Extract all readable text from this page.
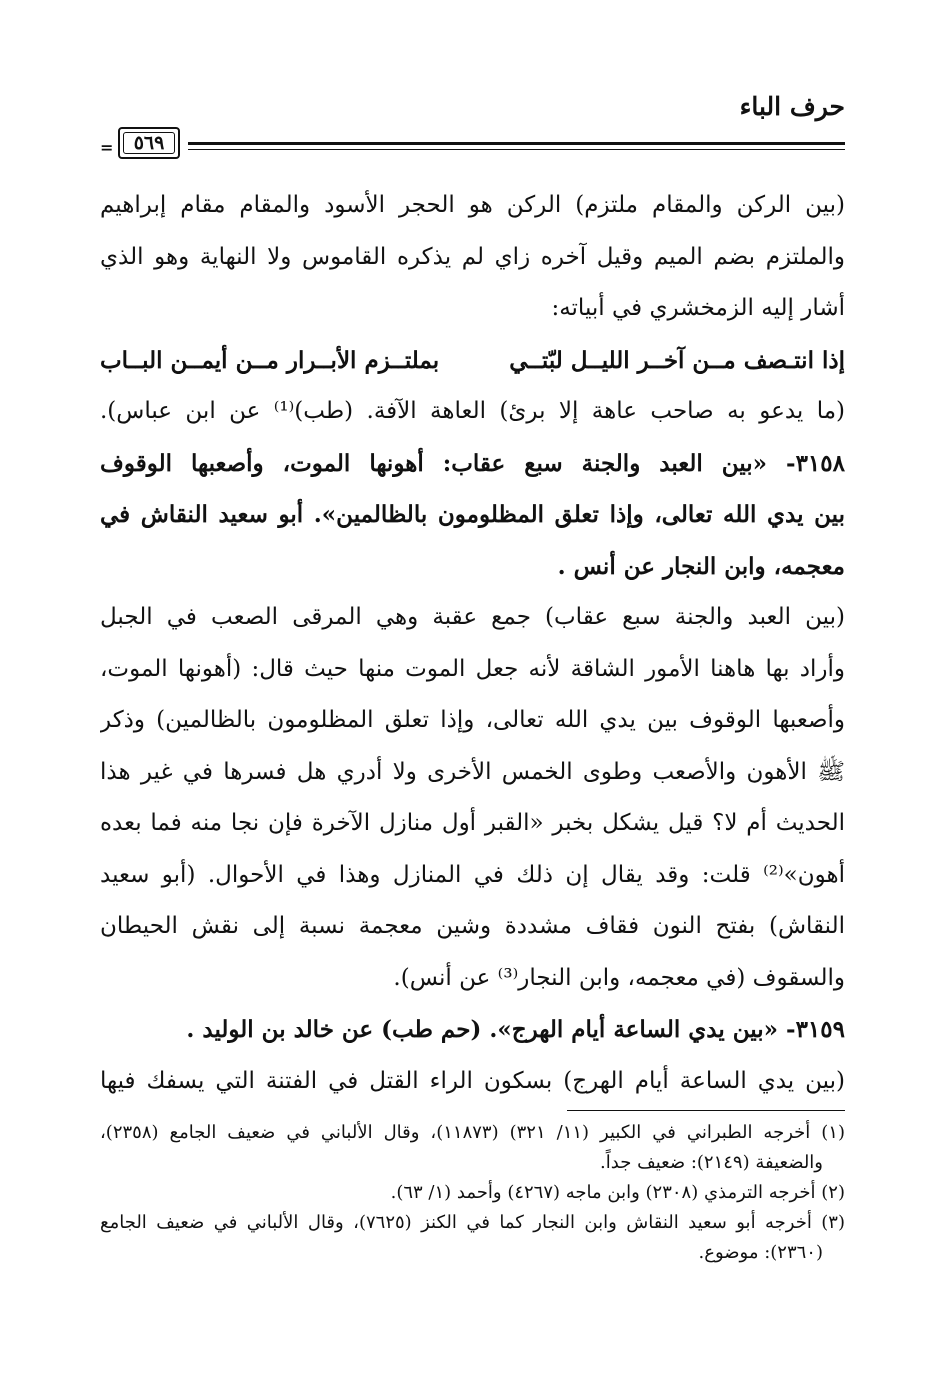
حرف الباء
٥٦٩
=
(بين الركن والمقام ملتزم) الركن هو الحجر الأسود والمقام مقام إبراهيم
والملتزم بضم الميم وقيل آخره زاي لم يذكره القاموس ولا النهاية وهو الذي
أشار إليه الزمخشري في أبياته:
إذا انتـصف مــن آخــر الليــل لبّتــي
بملتــزم الأبــرار مــن أيمــن البــاب
(ما يدعو به صاحب عاهة إلا برئ) العاهة الآفة. (طب)⁽¹⁾ عن ابن عباس).
٣١٥٨- «بين العبد والجنة سبع عقاب: أهونها الموت، وأصعبها الوقوف
بين يدي الله تعالى، وإذا تعلق المظلومون بالظالمين». أبو سعيد النقاش في
معجمه، وابن النجار عن أنس .
(بين العبد والجنة سبع عقاب) جمع عقبة وهي المرقى الصعب في الجبل
وأراد بها هاهنا الأمور الشاقة لأنه جعل الموت منها حيث قال: (أهونها الموت،
وأصعبها الوقوف بين يدي الله تعالى، وإذا تعلق المظلومون بالظالمين) وذكر
ﷺ الأهون والأصعب وطوى الخمس الأخرى ولا أدري هل فسرها في غير هذا
الحديث أم لا؟ قيل يشكل بخبر «القبر أول منازل الآخرة فإن نجا منه فما بعده
أهون»⁽²⁾ قلت: وقد يقال إن ذلك في المنازل وهذا في الأحوال. (أبو سعيد
النقاش) بفتح النون فقاف مشددة وشين معجمة نسبة إلى نقش الحيطان
والسقوف (في معجمه، وابن النجار⁽³⁾ عن أنس).
٣١٥٩- «بين يدي الساعة أيام الهرج». (حم طب) عن خالد بن الوليد .
(بين يدي الساعة أيام الهرج) بسكون الراء القتل في الفتنة التي يسفك فيها
(١) أخرجه الطبراني في الكبير (١١/ ٣٢١) (١١٨٧٣)، وقال الألباني في ضعيف الجامع (٢٣٥٨)،
والضعيفة (٢١٤٩): ضعيف جداً.
(٢) أخرجه الترمذي (٢٣٠٨) وابن ماجه (٤٢٦٧) وأحمد (١/ ٦٣).
(٣) أخرجه أبو سعيد النقاش وابن النجار كما في الكنز (٧٦٢٥)، وقال الألباني في ضعيف الجامع
(٢٣٦٠): موضوع.
